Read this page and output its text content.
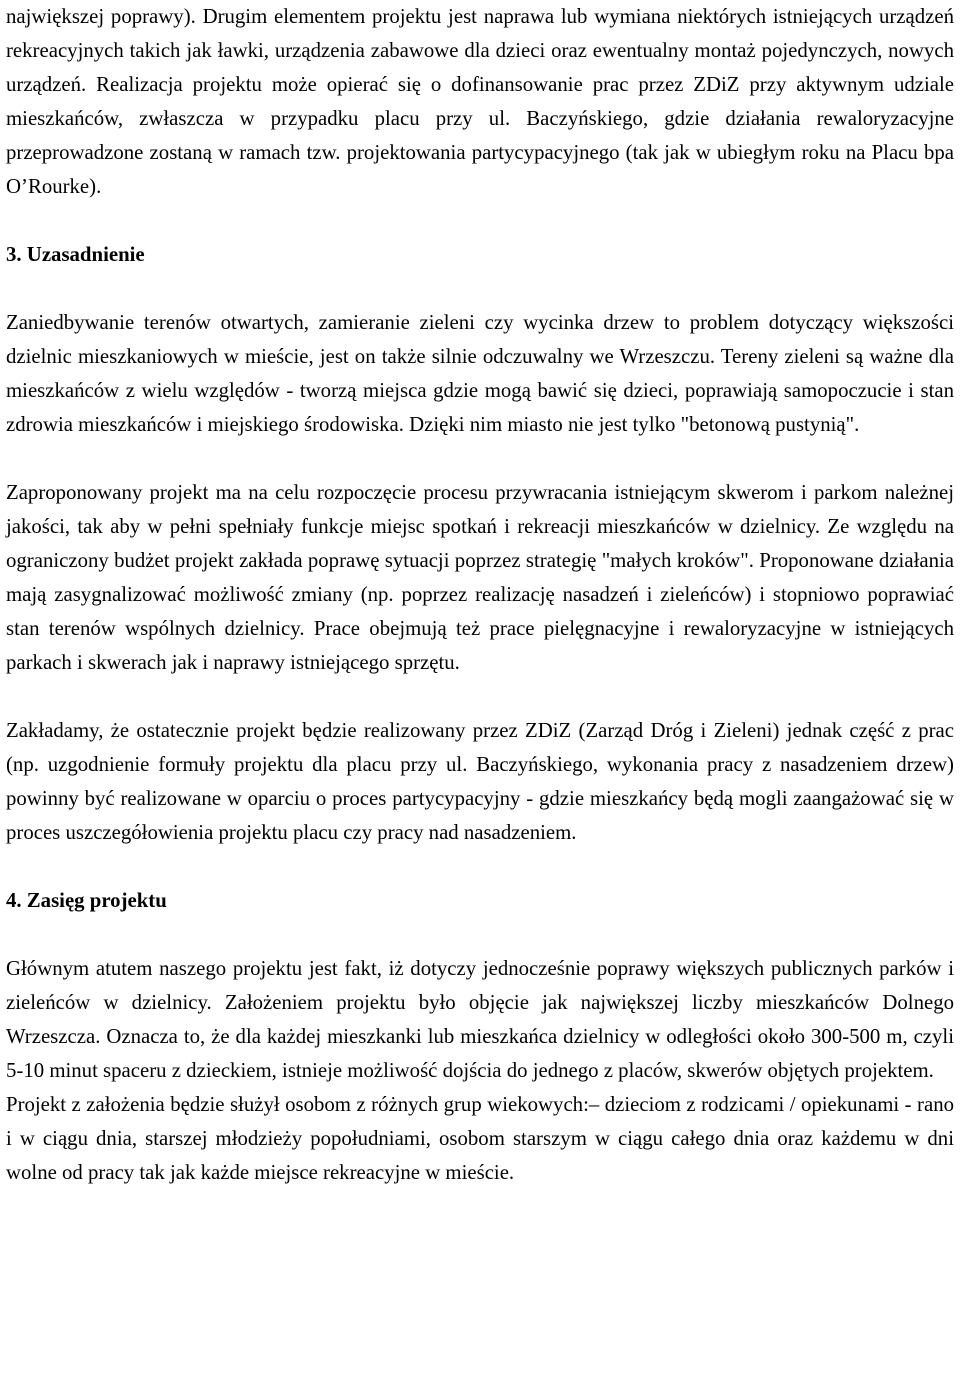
największej poprawy). Drugim elementem projektu jest naprawa lub wymiana niektórych istniejących urządzeń rekreacyjnych takich jak ławki, urządzenia zabawowe dla dzieci oraz ewentualny montaż pojedynczych, nowych urządzeń. Realizacja projektu może opierać się o dofinansowanie prac przez ZDiZ przy aktywnym udziale mieszkańców, zwłaszcza w przypadku placu przy ul. Baczyńskiego, gdzie działania rewaloryzacyjne przeprowadzone zostaną w ramach tzw. projektowania partycypacyjnego (tak jak w ubiegłym roku na Placu bpa O’Rourke).

3. Uzasadnienie

Zaniedbywanie terenów otwartych, zamieranie zieleni czy wycinka drzew to problem dotyczący większości dzielnic mieszkaniowych w mieście, jest on także silnie odczuwalny we Wrzeszczu. Tereny zieleni są ważne dla mieszkańców z wielu względów - tworzą miejsca gdzie mogą bawić się dzieci, poprawiają samopoczucie i stan zdrowia mieszkańców i miejskiego środowiska. Dzięki nim miasto nie jest tylko "betonową pustynią".

Zaproponowany projekt ma na celu rozpoczęcie procesu przywracania istniejącym skwerom i parkom należnej jakości, tak aby w pełni spełniały funkcje miejsc spotkań i rekreacji mieszkańców w dzielnicy. Ze względu na ograniczony budżet projekt zakłada poprawę sytuacji poprzez strategię "małych kroków". Proponowane działania mają zasygnalizować możliwość zmiany (np. poprzez realizację nasadzeń i zieleńców) i stopniowo poprawiać stan terenów wspólnych dzielnicy. Prace obejmują też prace pielęgnacyjne i rewaloryzacyjne w istniejących parkach i skwerach jak i naprawy istniejącego sprzętu.

Zakładamy, że ostatecznie projekt będzie realizowany przez ZDiZ (Zarząd Dróg i Zieleni) jednak część z prac (np. uzgodnienie formuły projektu dla placu przy ul. Baczyńskiego, wykonania pracy z nasadzeniem drzew) powinny być realizowane w oparciu o proces partycypacyjny - gdzie mieszkańcy będą mogli zaangażować się w proces uszczegółowienia projektu placu czy pracy nad nasadzeniem.

4. Zasięg projektu

Głównym atutem naszego projektu jest fakt, iż dotyczy jednocześnie poprawy większych publicznych parków i zieleńców w dzielnicy. Założeniem projektu było objęcie jak największej liczby mieszkańców Dolnego Wrzeszcza. Oznacza to, że dla każdej mieszkanki lub mieszkańca dzielnicy w odległości około 300-500 m, czyli 5-10 minut spaceru z dzieckiem, istnieje możliwość dojścia do jednego z placów, skwerów objętych projektem.

Projekt z założenia będzie służył osobom z różnych grup wiekowych:– dzieciom z rodzicami / opiekunami - rano i w ciągu dnia, starszej młodzieży popołudniami, osobom starszym w ciągu całego dnia oraz każdemu w dni wolne od pracy tak jak każde miejsce rekreacyjne w mieście.
